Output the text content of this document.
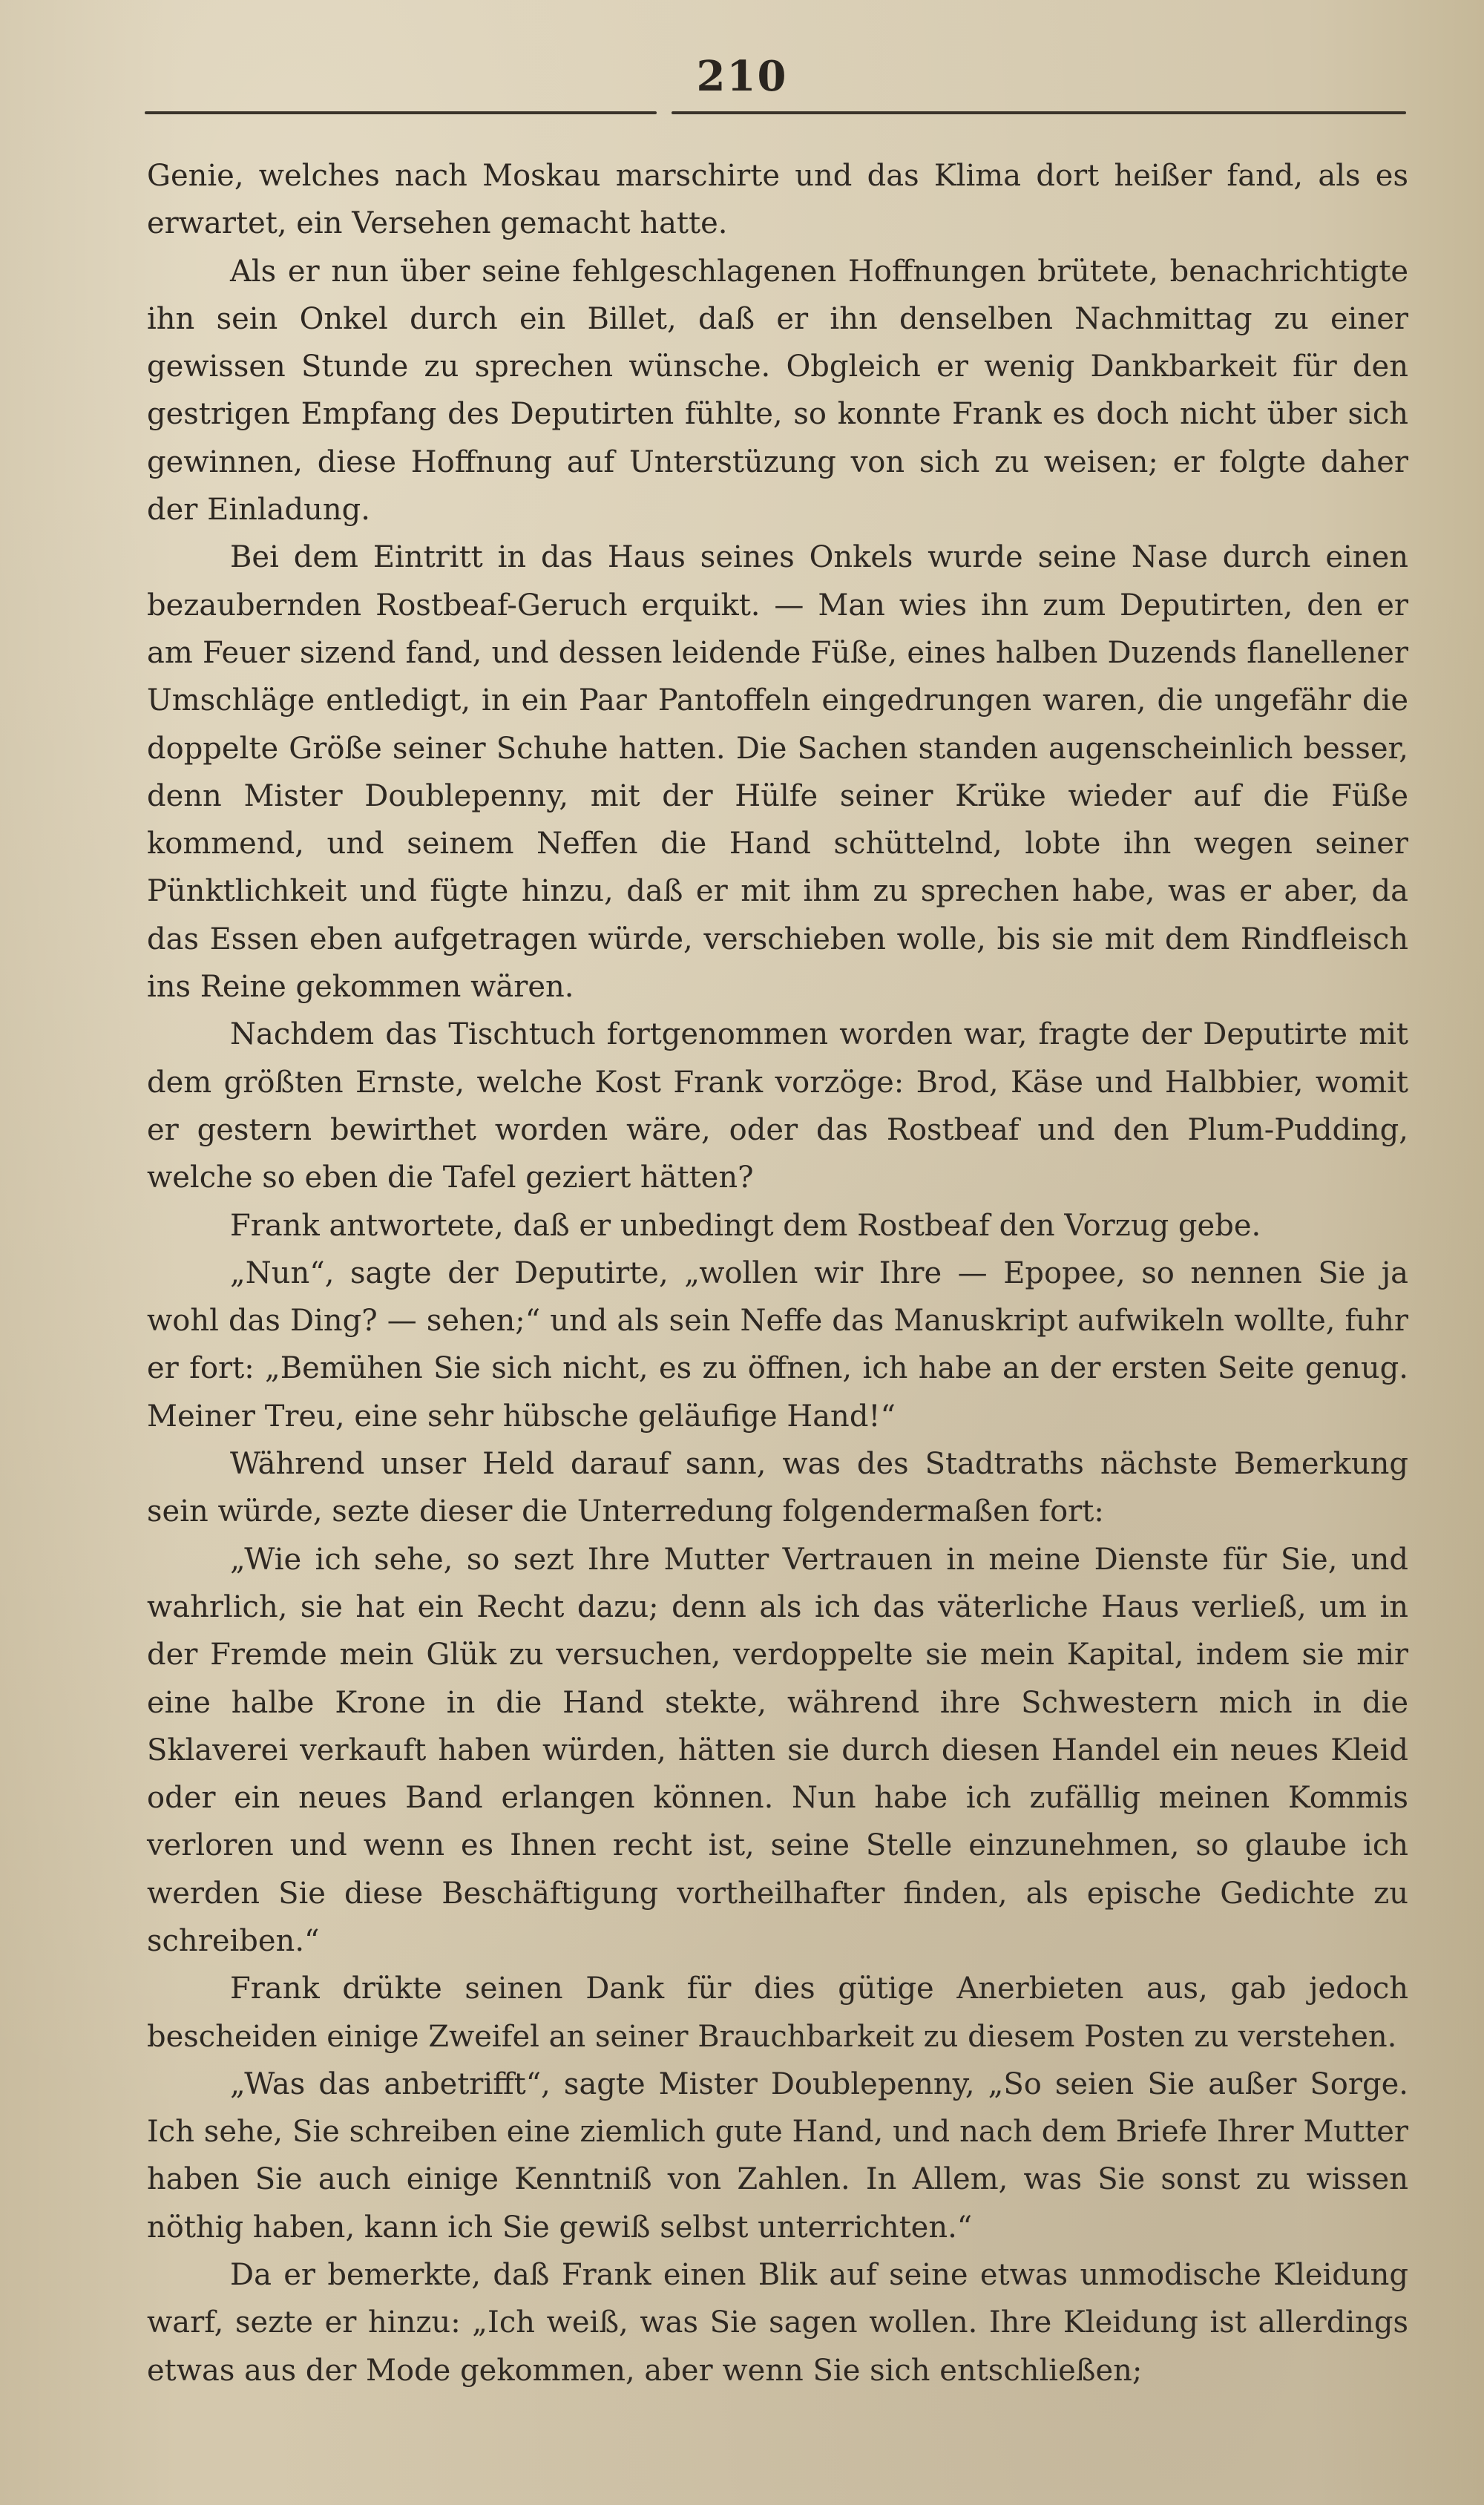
210

Genie, welches nach Moskau marschirte und das Klima dort heißer fand, als es erwartet, ein Versehen gemacht hatte.

Als er nun über seine fehlgeschlagenen Hoffnungen brütete, benachrichtigte ihn sein Onkel durch ein Billet, daß er ihn denselben Nachmittag zu einer gewissen Stunde zu sprechen wünsche. Obgleich er wenig Dankbarkeit für den gestrigen Empfang des Deputirten fühlte, so konnte Frank es doch nicht über sich gewinnen, diese Hoffnung auf Unterstüzung von sich zu weisen; er folgte daher der Einladung.

Bei dem Eintritt in das Haus seines Onkels wurde seine Nase durch einen bezaubernden Rostbeaf-Geruch erquikt. — Man wies ihn zum Deputirten, den er am Feuer sizend fand, und dessen leidende Füße, eines halben Duzends flanellener Umschläge entledigt, in ein Paar Pantoffeln eingedrungen waren, die ungefähr die doppelte Größe seiner Schuhe hatten. Die Sachen standen augenscheinlich besser, denn Mister Doublepenny, mit der Hülfe seiner Krüke wieder auf die Füße kommend, und seinem Neffen die Hand schüttelnd, lobte ihn wegen seiner Pünktlichkeit und fügte hinzu, daß er mit ihm zu sprechen habe, was er aber, da das Essen eben aufgetragen würde, verschieben wolle, bis sie mit dem Rindfleisch ins Reine gekommen wären.

Nachdem das Tischtuch fortgenommen worden war, fragte der Deputirte mit dem größten Ernste, welche Kost Frank vorzöge: Brod, Käse und Halbbier, womit er gestern bewirthet worden wäre, oder das Rostbeaf und den Plum-Pudding, welche so eben die Tafel geziert hätten?

Frank antwortete, daß er unbedingt dem Rostbeaf den Vorzug gebe.

„Nun“, sagte der Deputirte, „wollen wir Ihre — Epopee, so nennen Sie ja wohl das Ding? — sehen;“ und als sein Neffe das Manuskript aufwikeln wollte, fuhr er fort: „Bemühen Sie sich nicht, es zu öffnen, ich habe an der ersten Seite genug. Meiner Treu, eine sehr hübsche geläufige Hand!“

Während unser Held darauf sann, was des Stadtraths nächste Bemerkung sein würde, sezte dieser die Unterredung folgendermaßen fort:

„Wie ich sehe, so sezt Ihre Mutter Vertrauen in meine Dienste für Sie, und wahrlich, sie hat ein Recht dazu; denn als ich das väterliche Haus verließ, um in der Fremde mein Glük zu versuchen, verdoppelte sie mein Kapital, indem sie mir eine halbe Krone in die Hand stekte, während ihre Schwestern mich in die Sklaverei verkauft haben würden, hätten sie durch diesen Handel ein neues Kleid oder ein neues Band erlangen können. Nun habe ich zufällig meinen Kommis verloren und wenn es Ihnen recht ist, seine Stelle einzunehmen, so glaube ich werden Sie diese Beschäftigung vortheilhafter finden, als epische Gedichte zu schreiben.“

Frank drükte seinen Dank für dies gütige Anerbieten aus, gab jedoch bescheiden einige Zweifel an seiner Brauchbarkeit zu diesem Posten zu verstehen.

„Was das anbetrifft“, sagte Mister Doublepenny, „So seien Sie außer Sorge. Ich sehe, Sie schreiben eine ziemlich gute Hand, und nach dem Briefe Ihrer Mutter haben Sie auch einige Kenntniß von Zahlen. In Allem, was Sie sonst zu wissen nöthig haben, kann ich Sie gewiß selbst unterrichten.“

Da er bemerkte, daß Frank einen Blik auf seine etwas unmodische Kleidung warf, sezte er hinzu: „Ich weiß, was Sie sagen wollen. Ihre Kleidung ist allerdings etwas aus der Mode gekommen, aber wenn Sie sich entschließen;
